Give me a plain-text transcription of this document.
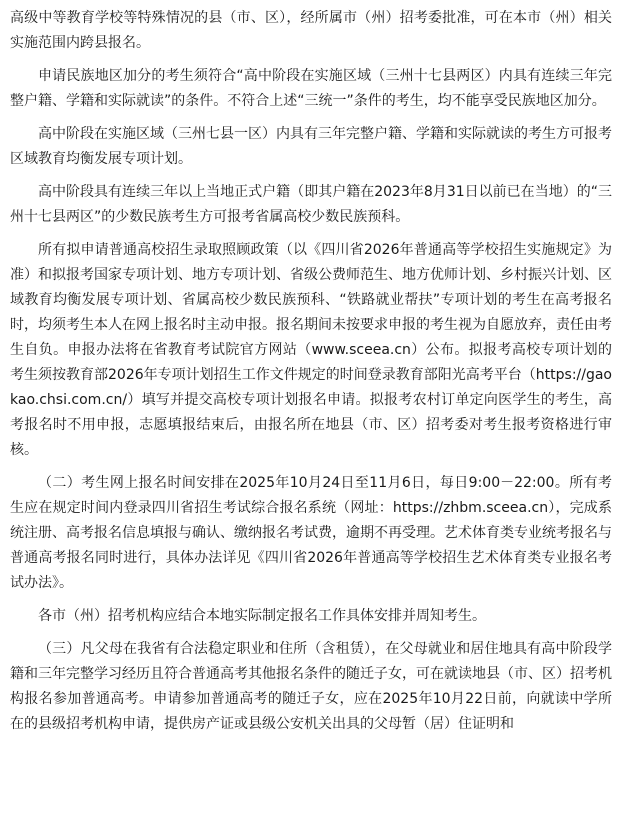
高级中等教育学校等特殊情况的县（市、区），经所属市（州）招考委批准，可在本市（州）相关实施范围内跨县报名。

申请民族地区加分的考生须符合“高中阶段在实施区域（三州十七县两区）内具有连续三年完整户籍、学籍和实际就读”的条件。不符合上述“三统一”条件的考生，均不能享受民族地区加分。

高中阶段在实施区域（三州七县一区）内具有三年完整户籍、学籍和实际就读的考生方可报考区域教育均衡发展专项计划。

高中阶段具有连续三年以上当地正式户籍（即其户籍在2023年8月31日以前已在当地）的“三州十七县两区”的少数民族考生方可报考省属高校少数民族预科。

所有拟申请普通高校招生录取照顾政策（以《四川省2026年普通高等学校招生实施规定》为准）和拟报考国家专项计划、地方专项计划、省级公费师范生、地方优师计划、乡村振兴计划、区域教育均衡发展专项计划、省属高校少数民族预科、“铁路就业帮扶”专项计划的考生在高考报名时，均须考生本人在网上报名时主动申报。报名期间未按要求申报的考生视为自愿放弃，责任由考生自负。申报办法将在省教育考试院官方网站（www.sceea.cn）公布。拟报考高校专项计划的考生须按教育部2026年专项计划招生工作文件规定的时间登录教育部阳光高考平台（https://gaokao.chsi.com.cn/）填写并提交高校专项计划报名申请。拟报考农村订单定向医学生的考生，高考报名时不用申报，志愿填报结束后，由报名所在地县（市、区）招考委对考生报考资格进行审核。

（二）考生网上报名时间安排在2025年10月24日至11月6日，每日9:00－22:00。所有考生应在规定时间内登录四川省招生考试综合报名系统（网址：https://zhbm.sceea.cn），完成系统注册、高考报名信息填报与确认、缴纳报名考试费，逾期不再受理。艺术体育类专业统考报名与普通高考报名同时进行，具体办法详见《四川省2026年普通高等学校招生艺术体育类专业报名考试办法》。

各市（州）招考机构应结合本地实际制定报名工作具体安排并周知考生。

（三）凡父母在我省有合法稳定职业和住所（含租赁），在父母就业和居住地具有高中阶段学籍和三年完整学习经历且符合普通高考其他报名条件的随迁子女，可在就读地县（市、区）招考机构报名参加普通高考。申请参加普通高考的随迁子女，应在2025年10月22日前，向就读中学所在的县级招考机构申请，提供房产证或县级公安机关出具的父母暂（居）住证明和
